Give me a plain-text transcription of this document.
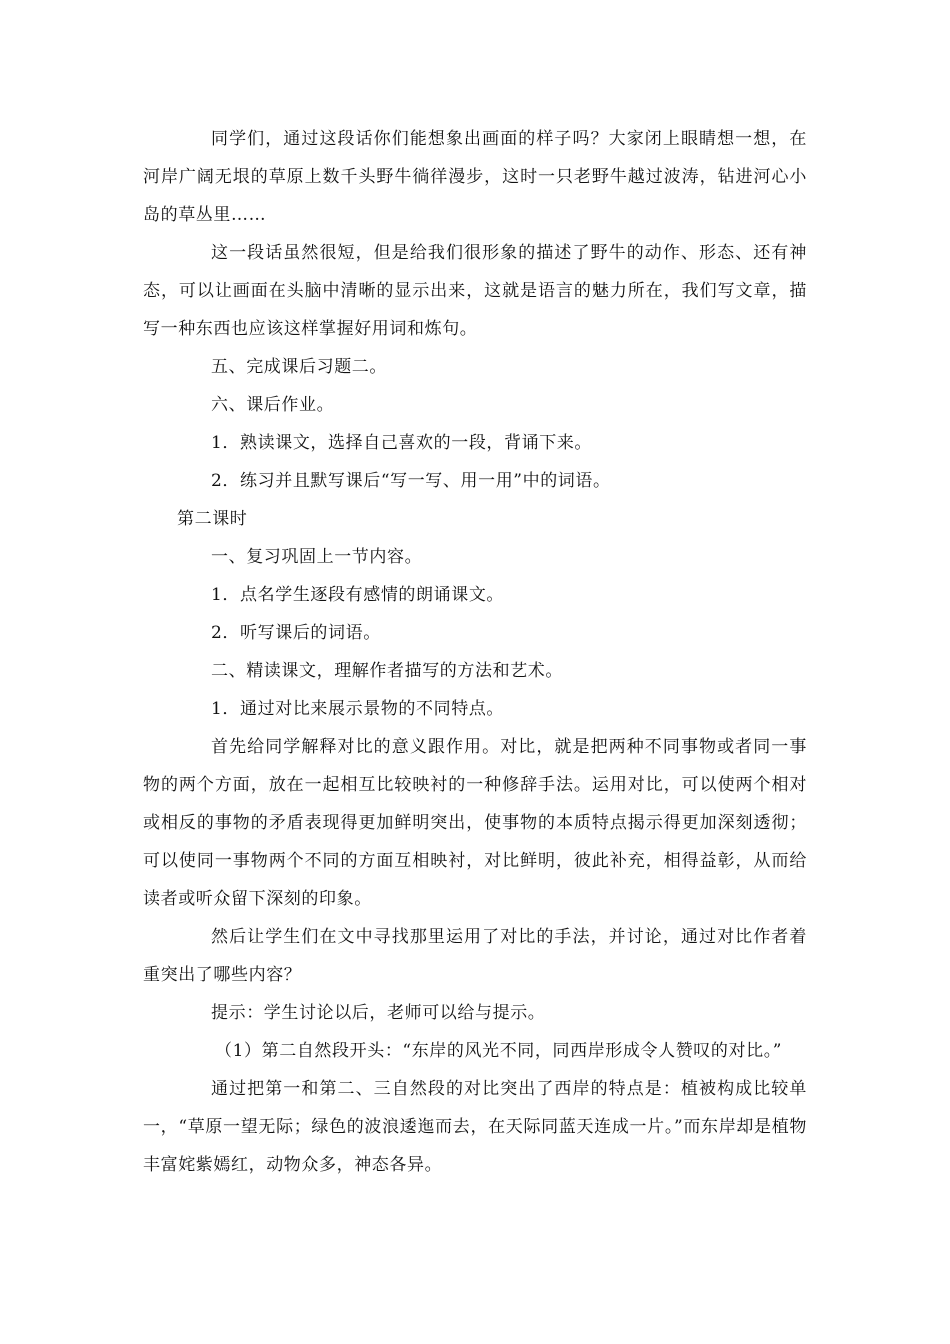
同学们，通过这段话你们能想象出画面的样子吗？大家闭上眼睛想一想，在河岸广阔无垠的草原上数千头野牛徜徉漫步，这时一只老野牛越过波涛，钻进河心小岛的草丛里……

这一段话虽然很短，但是给我们很形象的描述了野牛的动作、形态、还有神态，可以让画面在头脑中清晰的显示出来，这就是语言的魅力所在，我们写文章，描写一种东西也应该这样掌握好用词和炼句。

五、完成课后习题二。

六、课后作业。

1．熟读课文，选择自己喜欢的一段，背诵下来。

2．练习并且默写课后“写一写、用一用”中的词语。

第二课时

一、复习巩固上一节内容。

1．点名学生逐段有感情的朗诵课文。

2．听写课后的词语。

二、精读课文，理解作者描写的方法和艺术。

1．通过对比来展示景物的不同特点。

首先给同学解释对比的意义跟作用。对比，就是把两种不同事物或者同一事物的两个方面，放在一起相互比较映衬的一种修辞手法。运用对比，可以使两个相对或相反的事物的矛盾表现得更加鲜明突出，使事物的本质特点揭示得更加深刻透彻；可以使同一事物两个不同的方面互相映衬，对比鲜明，彼此补充，相得益彰，从而给读者或听众留下深刻的印象。

然后让学生们在文中寻找那里运用了对比的手法，并讨论，通过对比作者着重突出了哪些内容？

提示：学生讨论以后，老师可以给与提示。

（1）第二自然段开头：“东岸的风光不同，同西岸形成令人赞叹的对比。”

通过把第一和第二、三自然段的对比突出了西岸的特点是：植被构成比较单一，“草原一望无际；绿色的波浪逶迤而去，在天际同蓝天连成一片。”而东岸却是植物丰富姹紫嫣红，动物众多，神态各异。
